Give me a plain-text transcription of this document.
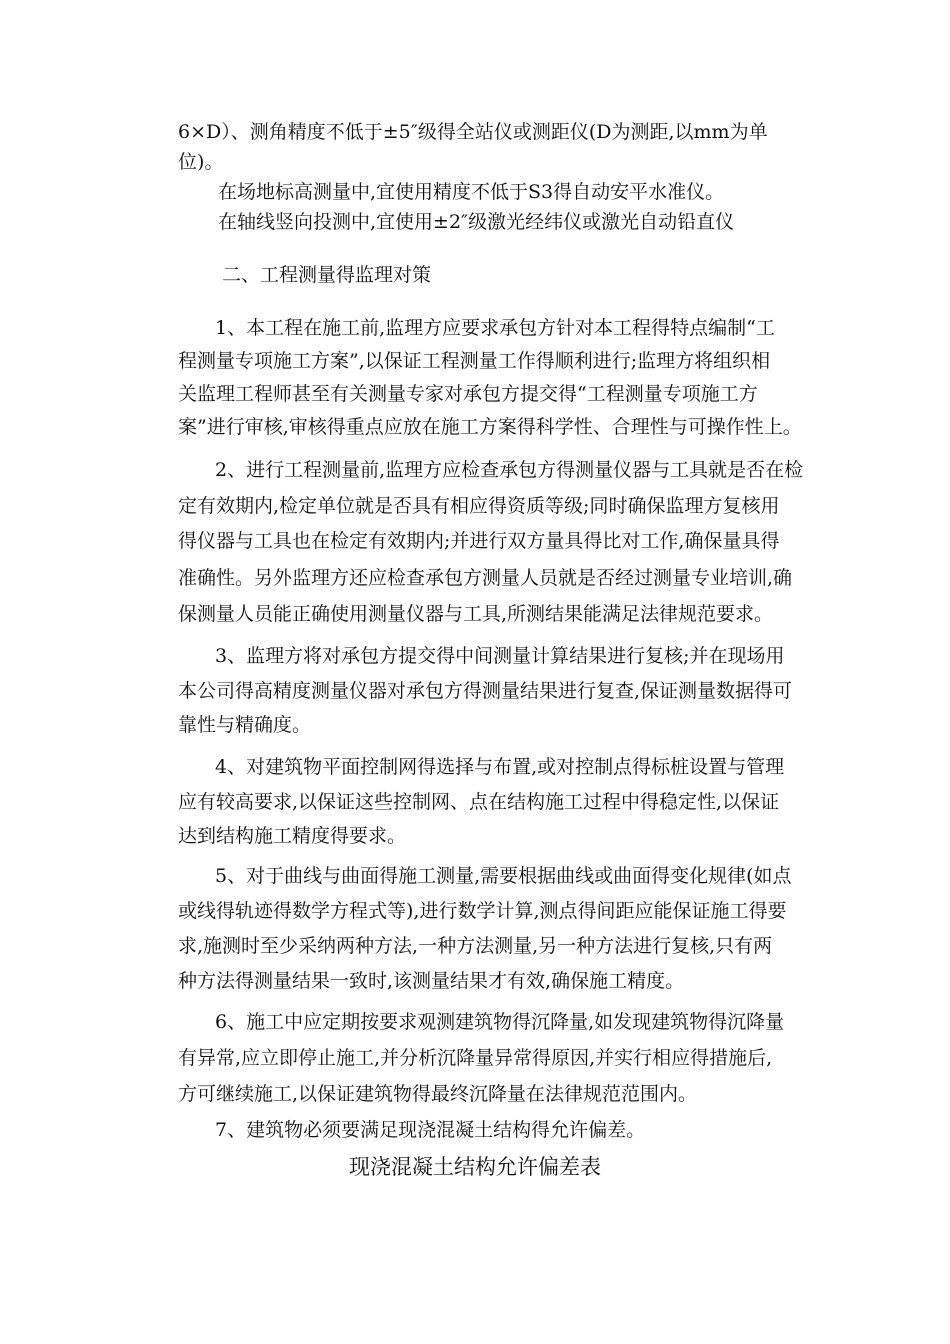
6×D）、测角精度不低于±5″级得全站仪或测距仪(D为测距,以mm为单

位)。

在场地标高测量中,宜使用精度不低于S3得自动安平水准仪。

在轴线竖向投测中,宜使用±2″级激光经纬仪或激光自动铅直仪

二、工程测量得监理对策

1、本工程在施工前,监理方应要求承包方针对本工程得特点编制“工

程测量专项施工方案”,以保证工程测量工作得顺利进行;监理方将组织相

关监理工程师甚至有关测量专家对承包方提交得“工程测量专项施工方

案”进行审核,审核得重点应放在施工方案得科学性、合理性与可操作性上。

2、进行工程测量前,监理方应检查承包方得测量仪器与工具就是否在检

定有效期内,检定单位就是否具有相应得资质等级;同时确保监理方复核用

得仪器与工具也在检定有效期内;并进行双方量具得比对工作,确保量具得

准确性。另外监理方还应检查承包方测量人员就是否经过测量专业培训,确

保测量人员能正确使用测量仪器与工具,所测结果能满足法律规范要求。

3、监理方将对承包方提交得中间测量计算结果进行复核;并在现场用

本公司得高精度测量仪器对承包方得测量结果进行复查,保证测量数据得可

靠性与精确度。

4、对建筑物平面控制网得选择与布置,或对控制点得标桩设置与管理

应有较高要求,以保证这些控制网、点在结构施工过程中得稳定性,以保证

达到结构施工精度得要求。

5、对于曲线与曲面得施工测量,需要根据曲线或曲面得变化规律(如点

或线得轨迹得数学方程式等),进行数学计算,测点得间距应能保证施工得要

求,施测时至少采纳两种方法,一种方法测量,另一种方法进行复核,只有两

种方法得测量结果一致时,该测量结果才有效,确保施工精度。

6、施工中应定期按要求观测建筑物得沉降量,如发现建筑物得沉降量

有异常,应立即停止施工,并分析沉降量异常得原因,并实行相应得措施后,

方可继续施工,以保证建筑物得最终沉降量在法律规范范围内。

7、建筑物必须要满足现浇混凝土结构得允许偏差。

现浇混凝土结构允许偏差表
